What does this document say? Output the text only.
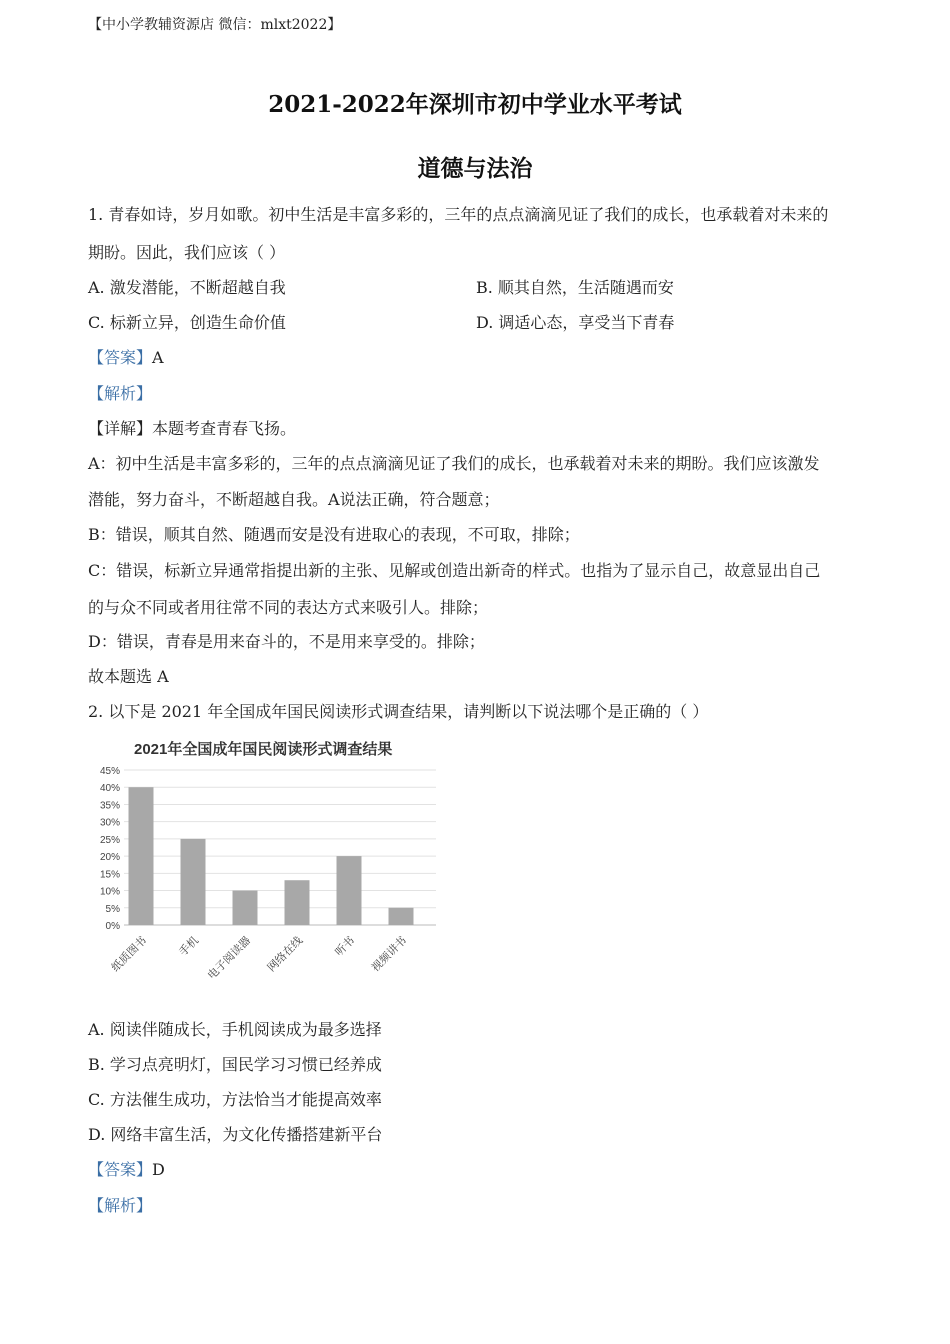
【中小学教辅资源店 微信：mlxt2022】
2021-2022年深圳市初中学业水平考试
道德与法治
1. 青春如诗，岁月如歌。初中生活是丰富多彩的，三年的点点滴滴见证了我们的成长，也承载着对未来的
期盼。因此，我们应该（ ）
A. 激发潜能，不断超越自我	B. 顺其自然，生活随遇而安
C. 标新立异，创造生命价值	D. 调适心态，享受当下青春
【答案】A
【解析】
【详解】本题考查青春飞扬。
A：初中生活是丰富多彩的，三年的点点滴滴见证了我们的成长，也承载着对未来的期盼。我们应该激发
潜能，努力奋斗，不断超越自我。A说法正确，符合题意；
B：错误，顺其自然、随遇而安是没有进取心的表现，不可取，排除；
C：错误，标新立异通常指提出新的主张、见解或创造出新奇的样式。也指为了显示自己，故意显出自己
的与众不同或者用往常不同的表达方式来吸引人。排除；
D：错误，青春是用来奋斗的，不是用来享受的。排除；
故本题选 A
2. 以下是 2021 年全国成年国民阅读形式调查结果，请判断以下说法哪个是正确的（ ）
2021年全国成年国民阅读形式调查结果
0%
5%
10%
15%
20%
25%
30%
35%
40%
45%
纸质图书 手机 电子阅读器 网络在线 听书 视频讲书
A. 阅读伴随成长，手机阅读成为最多选择
B. 学习点亮明灯，国民学习习惯已经养成
C. 方法催生成功，方法恰当才能提高效率
D. 网络丰富生活，为文化传播搭建新平台
【答案】D
【解析】
